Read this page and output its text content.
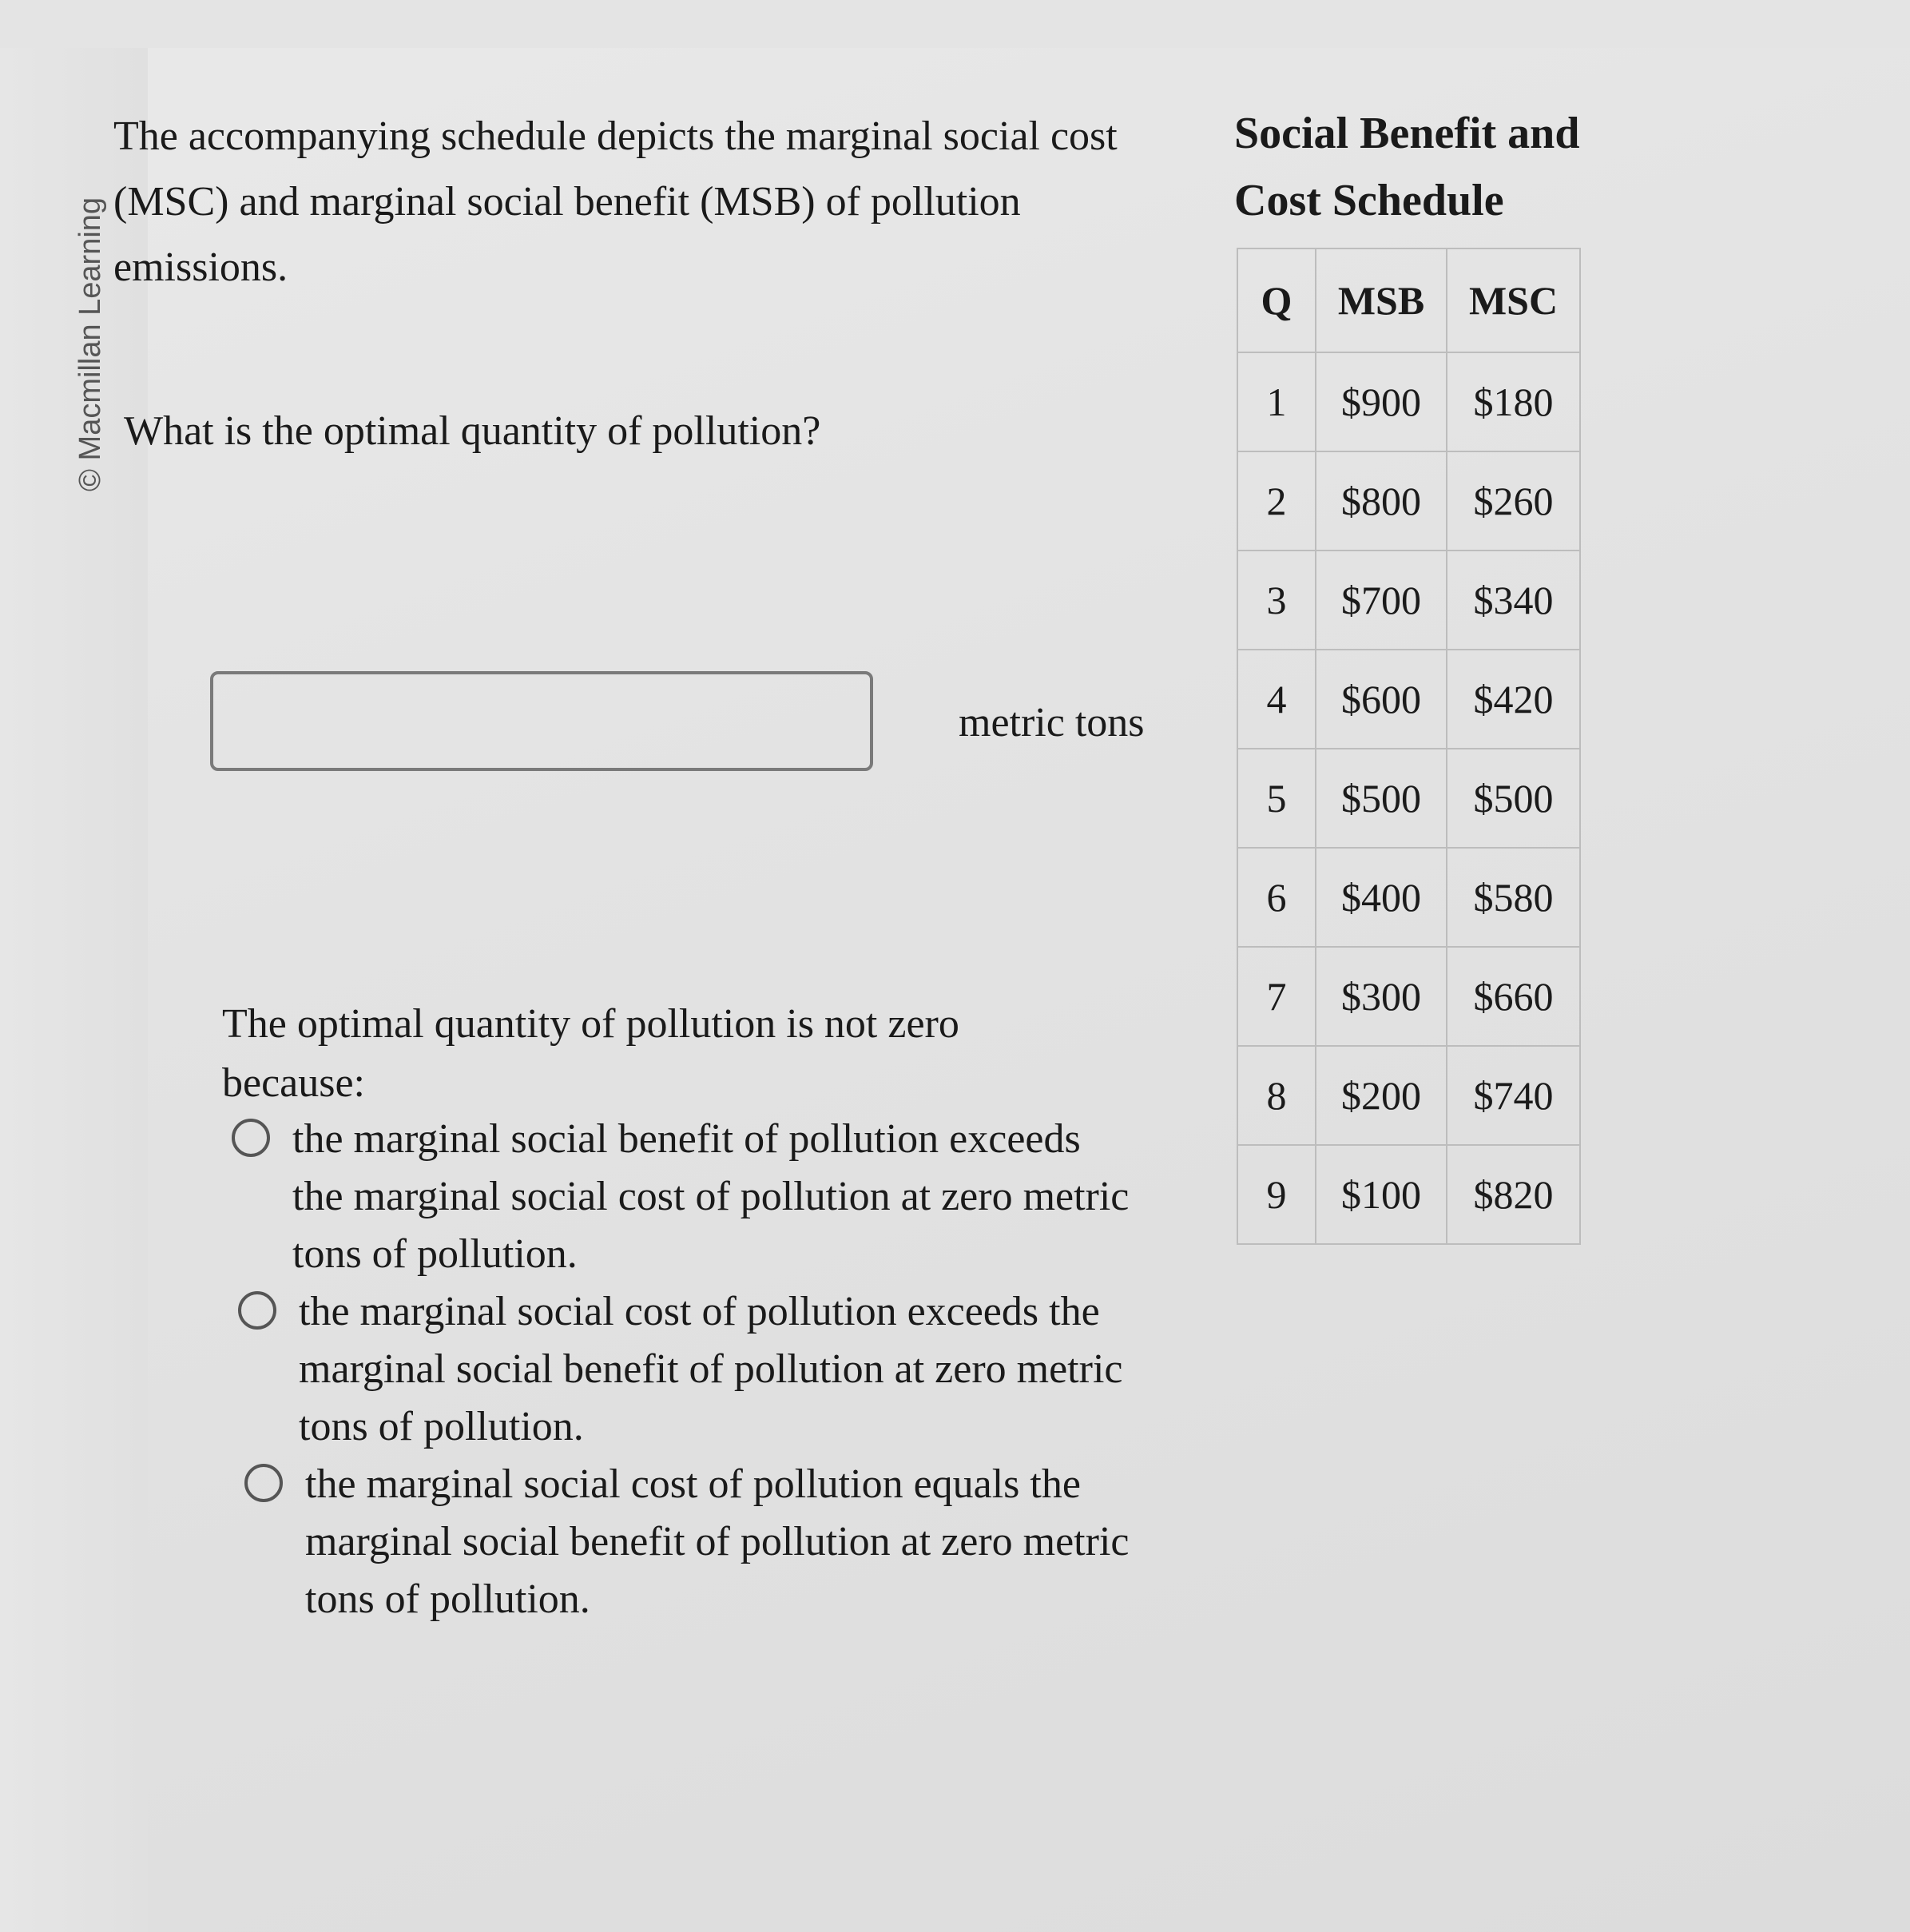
© Macmillan Learning

The accompanying schedule depicts the marginal social cost (MSC) and marginal social benefit (MSB) of pollution emissions.

What is the optimal quantity of pollution?

metric tons

The optimal quantity of pollution is not zero because:

the marginal social benefit of pollution exceeds the marginal social cost of pollution at zero metric tons of pollution.
the marginal social cost of pollution exceeds the marginal social benefit of pollution at zero metric tons of pollution.
the marginal social cost of pollution equals the marginal social benefit of pollution at zero metric tons of pollution.

Social Benefit and Cost Schedule

Q	MSB	MSC
1	$900	$180
2	$800	$260
3	$700	$340
4	$600	$420
5	$500	$500
6	$400	$580
7	$300	$660
8	$200	$740
9	$100	$820
